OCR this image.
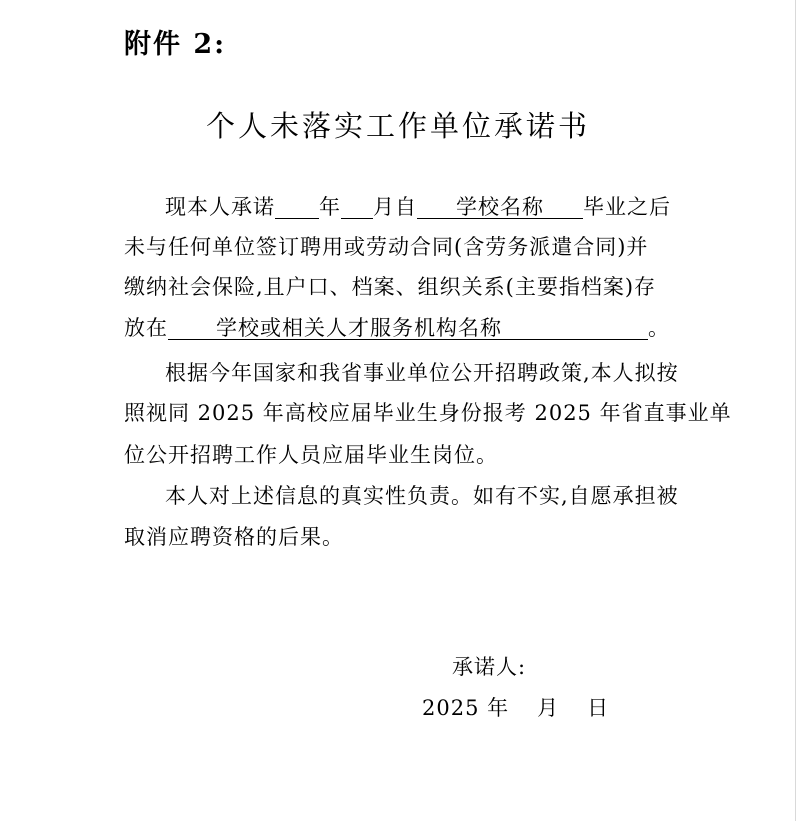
附件 2:
个人未落实工作单位承诺书
现本人承诺 年 月自 学校名称 毕业之后
未与任何单位签订聘用或劳动合同(含劳务派遣合同)并
缴纳社会保险,且户口、档案、组织关系(主要指档案)存
放在 学校或相关人才服务机构名称	。
根据今年国家和我省事业单位公开招聘政策,本人拟按
照视同 2025 年高校应届毕业生身份报考 2025 年省直事业单
位公开招聘工作人员应届毕业生岗位。
本人对上述信息的真实性负责。如有不实,自愿承担被
取消应聘资格的后果。
承诺人:
2025 年 月 日
